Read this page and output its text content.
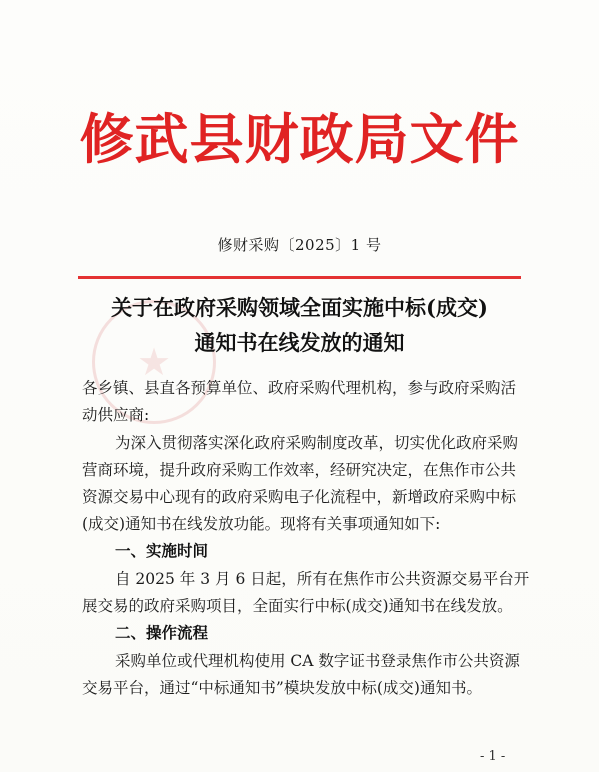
★
修武县财政局文件
修财采购〔2025〕1 号
关于在政府采购领域全面实施中标(成交)
通知书在线发放的通知
各乡镇、县直各预算单位、政府采购代理机构，参与政府采购活
动供应商:
为深入贯彻落实深化政府采购制度改革，切实优化政府采购
营商环境，提升政府采购工作效率，经研究决定，在焦作市公共
资源交易中心现有的政府采购电子化流程中，新增政府采购中标
(成交)通知书在线发放功能。现将有关事项通知如下:
一、实施时间
自 2025 年 3 月 6 日起，所有在焦作市公共资源交易平台开
展交易的政府采购项目，全面实行中标(成交)通知书在线发放。
二、操作流程
采购单位或代理机构使用 CA 数字证书登录焦作市公共资源
交易平台，通过“中标通知书”模块发放中标(成交)通知书。
- 1 -
